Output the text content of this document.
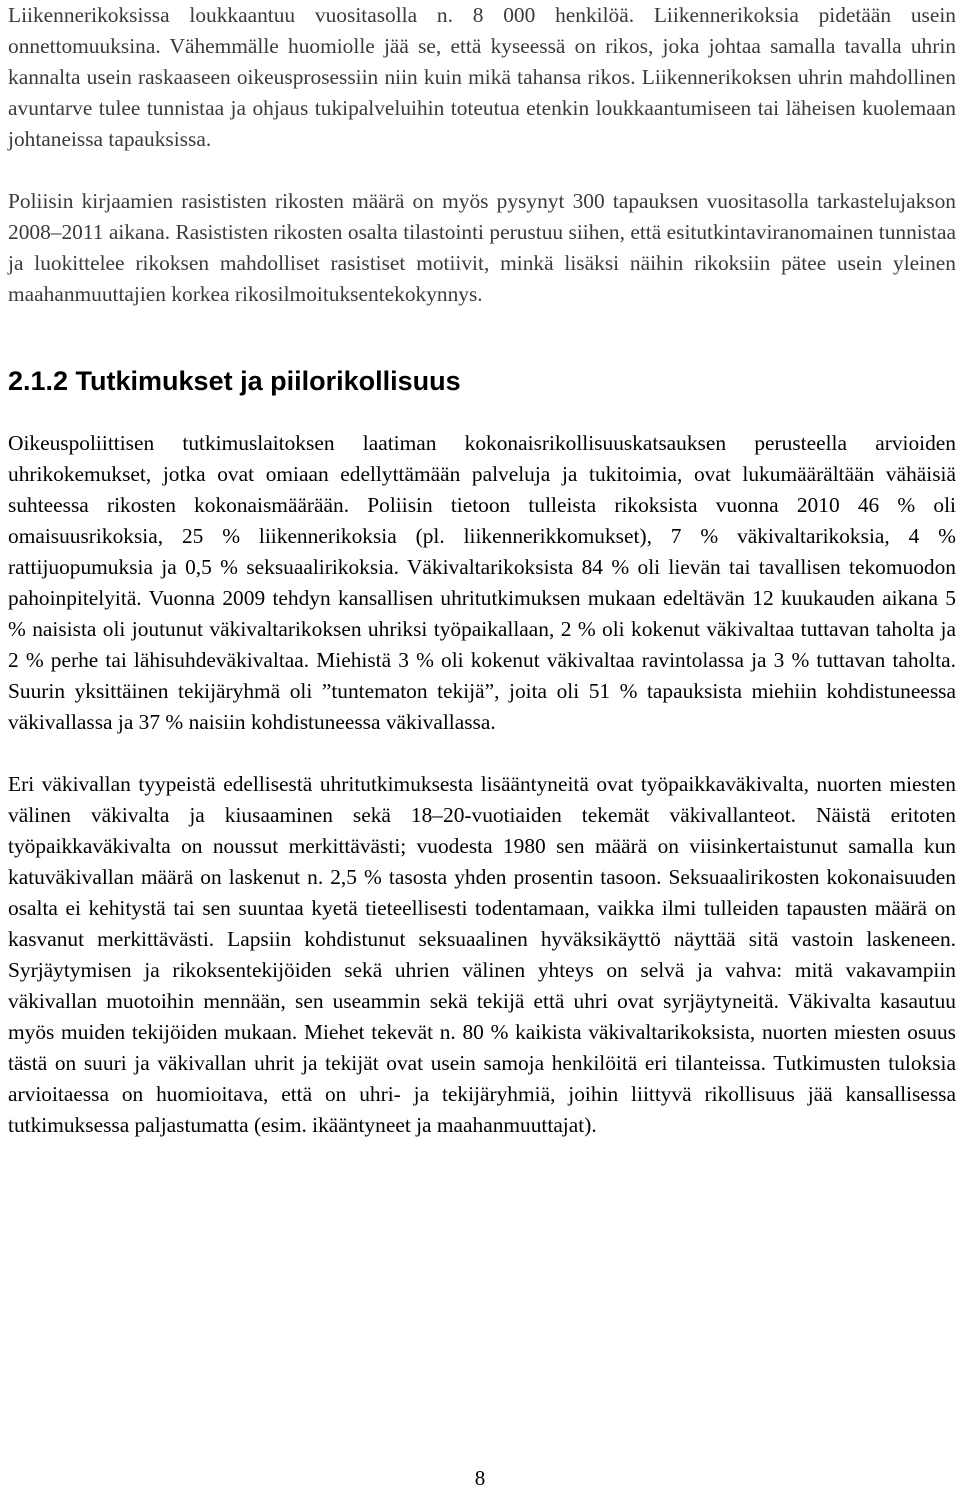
Liikennerikoksissa loukkaantuu vuositasolla n. 8 000 henkilöä. Liikennerikoksia pidetään usein onnettomuuksina. Vähemmälle huomiolle jää se, että kyseessä on rikos, joka johtaa samalla tavalla uhrin kannalta usein raskaaseen oikeusprosessiin niin kuin mikä tahansa rikos. Liikennerikoksen uhrin mahdollinen avuntarve tulee tunnistaa ja ohjaus tukipalveluihin toteutua etenkin loukkaantumiseen tai läheisen kuolemaan johtaneissa tapauksissa.

Poliisin kirjaamien rasististen rikosten määrä on myös pysynyt 300 tapauksen vuositasolla tarkastelujakson 2008–2011 aikana. Rasististen rikosten osalta tilastointi perustuu siihen, että esitutkintaviranomainen tunnistaa ja luokittelee rikoksen mahdolliset rasistiset motiivit, minkä lisäksi näihin rikoksiin pätee usein yleinen maahanmuuttajien korkea rikosilmoituksentekokynnys.

2.1.2 Tutkimukset ja piilorikollisuus

Oikeuspoliittisen tutkimuslaitoksen laatiman kokonaisrikollisuuskatsauksen perusteella arvioiden uhrikokemukset, jotka ovat omiaan edellyttämään palveluja ja tukitoimia, ovat lukumäärältään vähäisiä suhteessa rikosten kokonaismäärään. Poliisin tietoon tulleista rikoksista vuonna 2010 46 % oli omaisuusrikoksia, 25 % liikennerikoksia (pl. liikennerikkomukset), 7 % väkivaltarikoksia, 4 % rattijuopumuksia ja 0,5 % seksuaalirikoksia. Väkivaltarikoksista 84 % oli lievän tai tavallisen tekomuodon pahoinpitelyitä. Vuonna 2009 tehdyn kansallisen uhritutkimuksen mukaan edeltävän 12 kuukauden aikana 5 % naisista oli joutunut väkivaltarikoksen uhriksi työpaikallaan, 2 % oli kokenut väkivaltaa tuttavan taholta ja 2 % perhe tai lähisuhdeväkivaltaa. Miehistä 3 % oli kokenut väkivaltaa ravintolassa ja 3 % tuttavan taholta. Suurin yksittäinen tekijäryhmä oli ”tuntematon tekijä”, joita oli 51 % tapauksista miehiin kohdistuneessa väkivallassa ja 37 % naisiin kohdistuneessa väkivallassa.

Eri väkivallan tyypeistä edellisestä uhritutkimuksesta lisääntyneitä ovat työpaikkaväkivalta, nuorten miesten välinen väkivalta ja kiusaaminen sekä 18–20-vuotiaiden tekemät väkivallanteot. Näistä eritoten työpaikkaväkivalta on noussut merkittävästi; vuodesta 1980 sen määrä on viisinkertaistunut samalla kun katuväkivallan määrä on laskenut n. 2,5 % tasosta yhden prosentin tasoon. Seksuaalirikosten kokonaisuuden osalta ei kehitystä tai sen suuntaa kyetä tieteellisesti todentamaan, vaikka ilmi tulleiden tapausten määrä on kasvanut merkittävästi. Lapsiin kohdistunut seksuaalinen hyväksikäyttö näyttää sitä vastoin laskeneen. Syrjäytymisen ja rikoksentekijöiden sekä uhrien välinen yhteys on selvä ja vahva: mitä vakavampiin väkivallan muotoihin mennään, sen useammin sekä tekijä että uhri ovat syrjäytyneitä. Väkivalta kasautuu myös muiden tekijöiden mukaan. Miehet tekevät n. 80 % kaikista väkivaltarikoksista, nuorten miesten osuus tästä on suuri ja väkivallan uhrit ja tekijät ovat usein samoja henkilöitä eri tilanteissa. Tutkimusten tuloksia arvioitaessa on huomioitava, että on uhri- ja tekijäryhmiä, joihin liittyvä rikollisuus jää kansallisessa tutkimuksessa paljastumatta (esim. ikääntyneet ja maahanmuuttajat).

8
